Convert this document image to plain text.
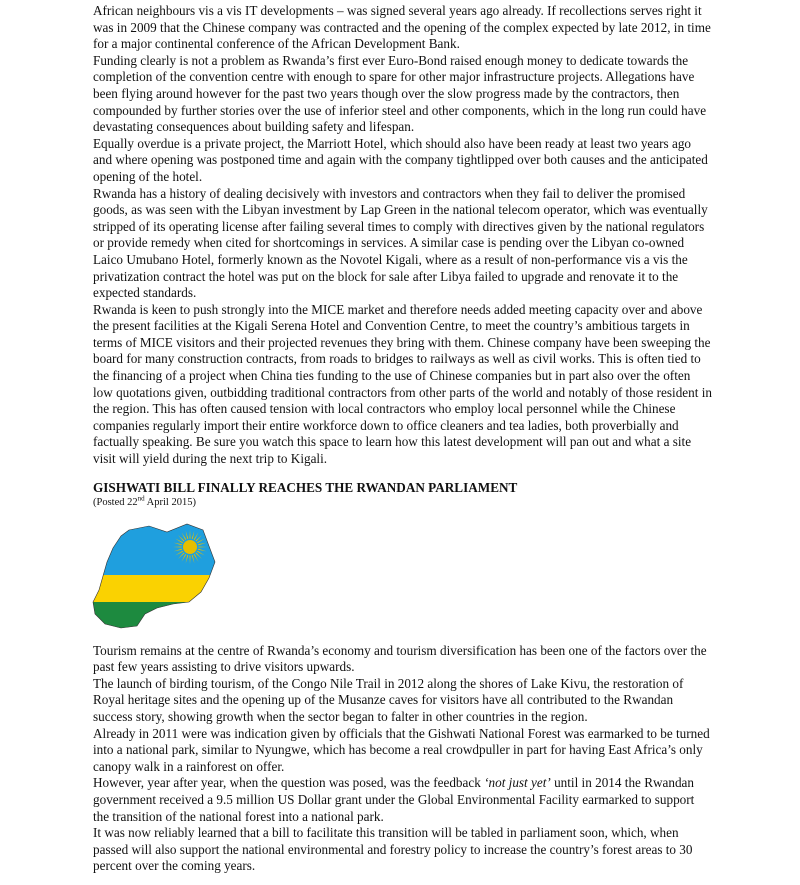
African neighbours vis a vis IT developments – was signed several years ago already. If recollections serves right it was in 2009 that the Chinese company was contracted and the opening of the complex expected by late 2012, in time for a major continental conference of the African Development Bank.

Funding clearly is not a problem as Rwanda’s first ever Euro-Bond raised enough money to dedicate towards the completion of the convention centre with enough to spare for other major infrastructure projects. Allegations have been flying around however for the past two years though over the slow progress made by the contractors, then compounded by further stories over the use of inferior steel and other components, which in the long run could have devastating consequences about building safety and lifespan.

Equally overdue is a private project, the Marriott Hotel, which should also have been ready at least two years ago and where opening was postponed time and again with the company tightlipped over both causes and the anticipated opening of the hotel.

Rwanda has a history of dealing decisively with investors and contractors when they fail to deliver the promised goods, as was seen with the Libyan investment by Lap Green in the national telecom operator, which was eventually stripped of its operating license after failing several times to comply with directives given by the national regulators or provide remedy when cited for shortcomings in services. A similar case is pending over the Libyan co-owned Laico Umubano Hotel, formerly known as the Novotel Kigali, where as a result of non-performance vis a vis the privatization contract the hotel was put on the block for sale after Libya failed to upgrade and renovate it to the expected standards.

Rwanda is keen to push strongly into the MICE market and therefore needs added meeting capacity over and above the present facilities at the Kigali Serena Hotel and Convention Centre, to meet the country’s ambitious targets in terms of MICE visitors and their projected revenues they bring with them. Chinese company have been sweeping the board for many construction contracts, from roads to bridges to railways as well as civil works. This is often tied to the financing of a project when China ties funding to the use of Chinese companies but in part also over the often low quotations given, outbidding traditional contractors from other parts of the world and notably of those resident in the region. This has often caused tension with local contractors who employ local personnel while the Chinese companies regularly import their entire workforce down to office cleaners and tea ladies, both proverbially and factually speaking. Be sure you watch this space to learn how this latest development will pan out and what a site visit will yield during the next trip to Kigali.

GISHWATI BILL FINALLY REACHES THE RWANDAN PARLIAMENT

(Posted 22nd April 2015)

Tourism remains at the centre of Rwanda’s economy and tourism diversification has been one of the factors over the past few years assisting to drive visitors upwards.

The launch of birding tourism, of the Congo Nile Trail in 2012 along the shores of Lake Kivu, the restoration of Royal heritage sites and the opening up of the Musanze caves for visitors have all contributed to the Rwandan success story, showing growth when the sector began to falter in other countries in the region.

Already in 2011 were was indication given by officials that the Gishwati National Forest was earmarked to be turned into a national park, similar to Nyungwe, which has become a real crowdpuller in part for having East Africa’s only canopy walk in a rainforest on offer.

However, year after year, when the question was posed, was the feedback ‘not just yet’ until in 2014 the Rwandan government received a 9.5 million US Dollar grant under the Global Environmental Facility earmarked to support the transition of the national forest into a national park.

It was now reliably learned that a bill to facilitate this transition will be tabled in parliament soon, which, when passed will also support the national environmental and forestry policy to increase the country’s forest areas to 30 percent over the coming years.
